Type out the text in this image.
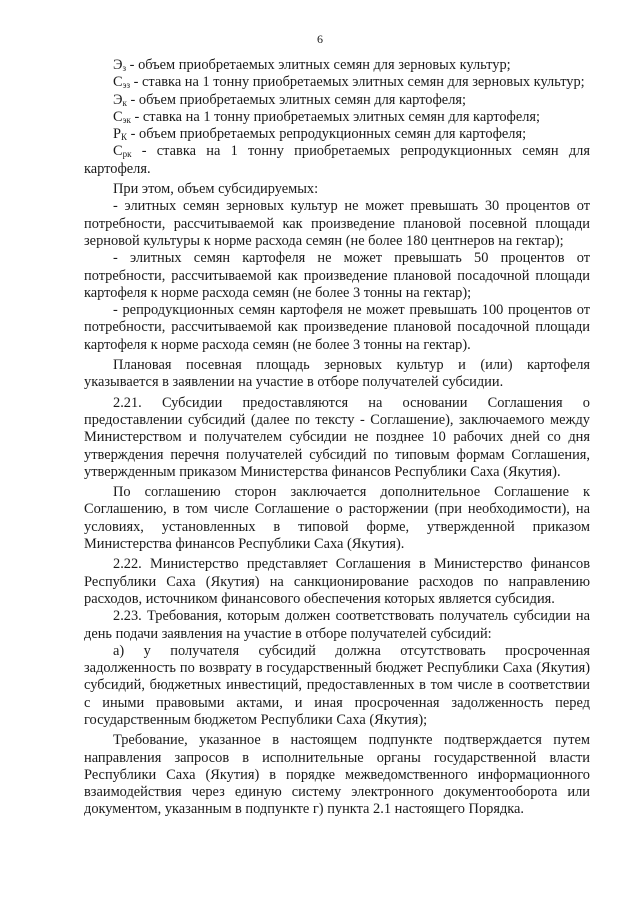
6

$Э_з$ - объем приобретаемых элитных семян для зерновых культур;

$С_{эз}$ - ставка на 1 тонну приобретаемых элитных семян для зерновых культур;

$Э_к$ - объем приобретаемых элитных семян для картофеля;

$С_{эк}$ - ставка на 1 тонну приобретаемых элитных семян для картофеля;

$Р_К$ - объем приобретаемых репродукционных семян для картофеля;

$С_{рк}$ - ставка на 1 тонну приобретаемых репродукционных семян для картофеля.

При этом, объем субсидируемых:

- элитных семян зерновых культур не может превышать 30 процентов от потребности, рассчитываемой как произведение плановой посевной площади зерновой культуры к норме расхода семян (не более 180 центнеров на гектар);

- элитных семян картофеля не может превышать 50 процентов от потребности, рассчитываемой как произведение плановой посадочной площади картофеля к норме расхода семян (не более 3 тонны на гектар);

- репродукционных семян картофеля не может превышать 100 процентов от потребности, рассчитываемой как произведение плановой посадочной площади картофеля к норме расхода семян (не более 3 тонны на гектар).

Плановая посевная площадь зерновых культур и (или) картофеля указывается в заявлении на участие в отборе получателей субсидии.

2.21. Субсидии предоставляются на основании Соглашения о предоставлении субсидий (далее по тексту - Соглашение), заключаемого между Министерством и получателем субсидии не позднее 10 рабочих дней со дня утверждения перечня получателей субсидий по типовым формам Соглашения, утвержденным приказом Министерства финансов Республики Саха (Якутия).

По соглашению сторон заключается дополнительное Соглашение к Соглашению, в том числе Соглашение о расторжении (при необходимости), на условиях, установленных в типовой форме, утвержденной приказом Министерства финансов Республики Саха (Якутия).

2.22. Министерство представляет Соглашения в Министерство финансов Республики Саха (Якутия) на санкционирование расходов по направлению расходов, источником финансового обеспечения которых является субсидия.

2.23. Требования, которым должен соответствовать получатель субсидии на день подачи заявления на участие в отборе получателей субсидий:

а) у получателя субсидий должна отсутствовать просроченная задолженность по возврату в государственный бюджет Республики Саха (Якутия) субсидий, бюджетных инвестиций, предоставленных в том числе в соответствии с иными правовыми актами, и иная просроченная задолженность перед государственным бюджетом Республики Саха (Якутия);

Требование, указанное в настоящем подпункте подтверждается путем направления запросов в исполнительные органы государственной власти Республики Саха (Якутия) в порядке межведомственного информационного взаимодействия через единую систему электронного документооборота или документом, указанным в подпункте г) пункта 2.1 настоящего Порядка.
